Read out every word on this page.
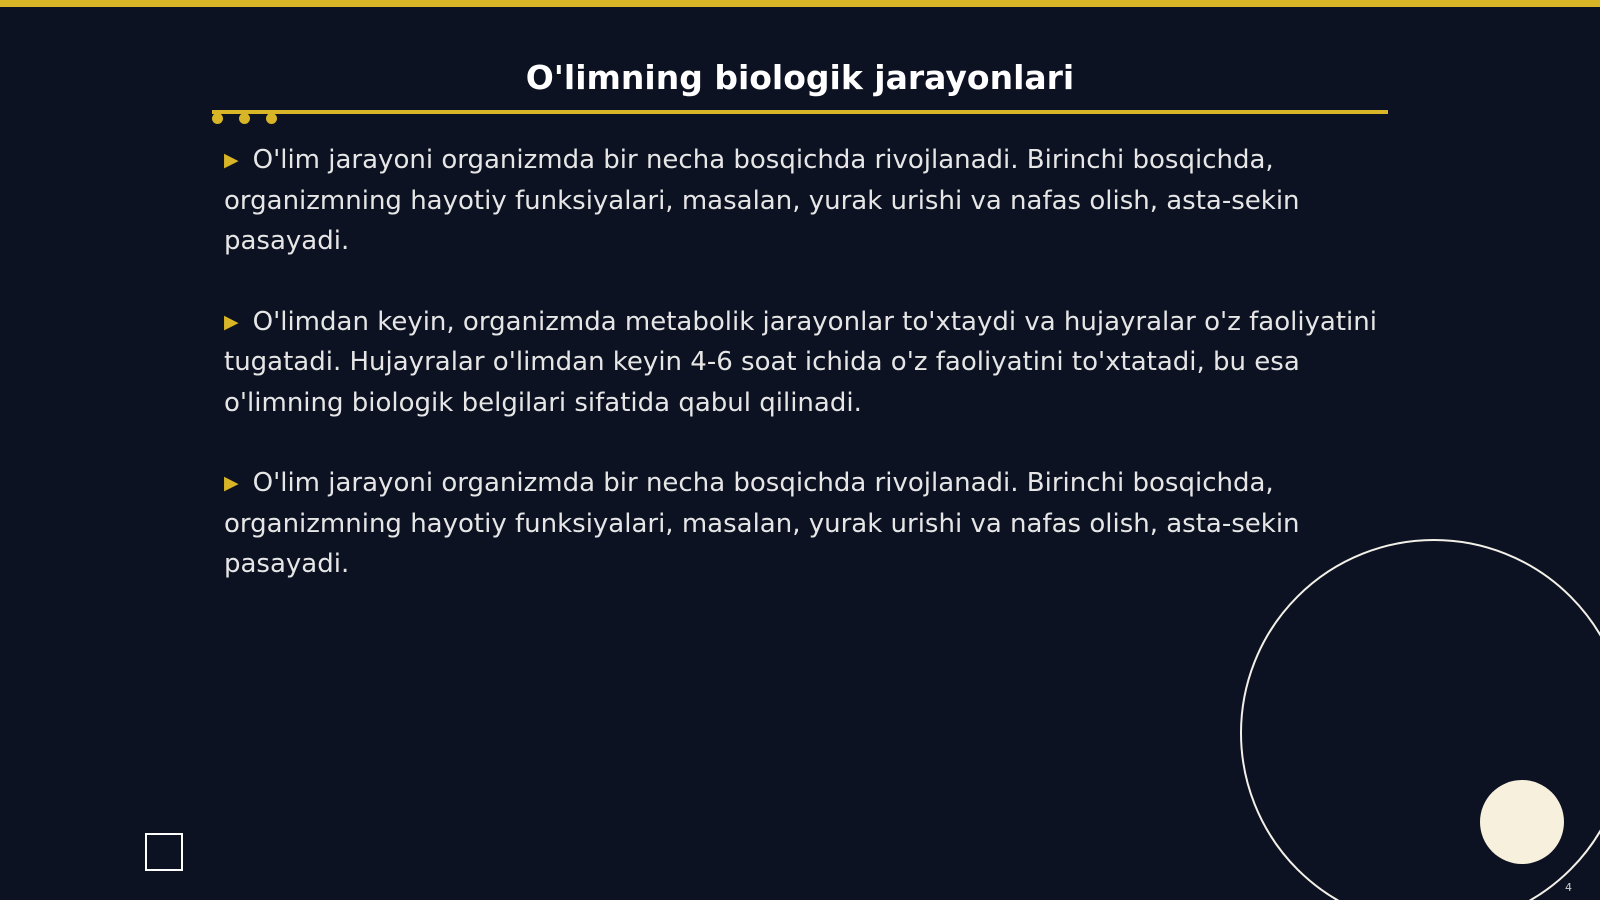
O'limning biologik jarayonlari

▶ O'lim jarayoni organizmda bir necha bosqichda rivojlanadi. Birinchi bosqichda, organizmning hayotiy funksiyalari, masalan, yurak urishi va nafas olish, asta-sekin pasayadi.

▶ O'limdan keyin, organizmda metabolik jarayonlar to'xtaydi va hujayralar o'z faoliyatini tugatadi. Hujayralar o'limdan keyin 4-6 soat ichida o'z faoliyatini to'xtatadi, bu esa o'limning biologik belgilari sifatida qabul qilinadi.

▶ O'lim jarayoni organizmda bir necha bosqichda rivojlanadi. Birinchi bosqichda, organizmning hayotiy funksiyalari, masalan, yurak urishi va nafas olish, asta-sekin pasayadi.

4
